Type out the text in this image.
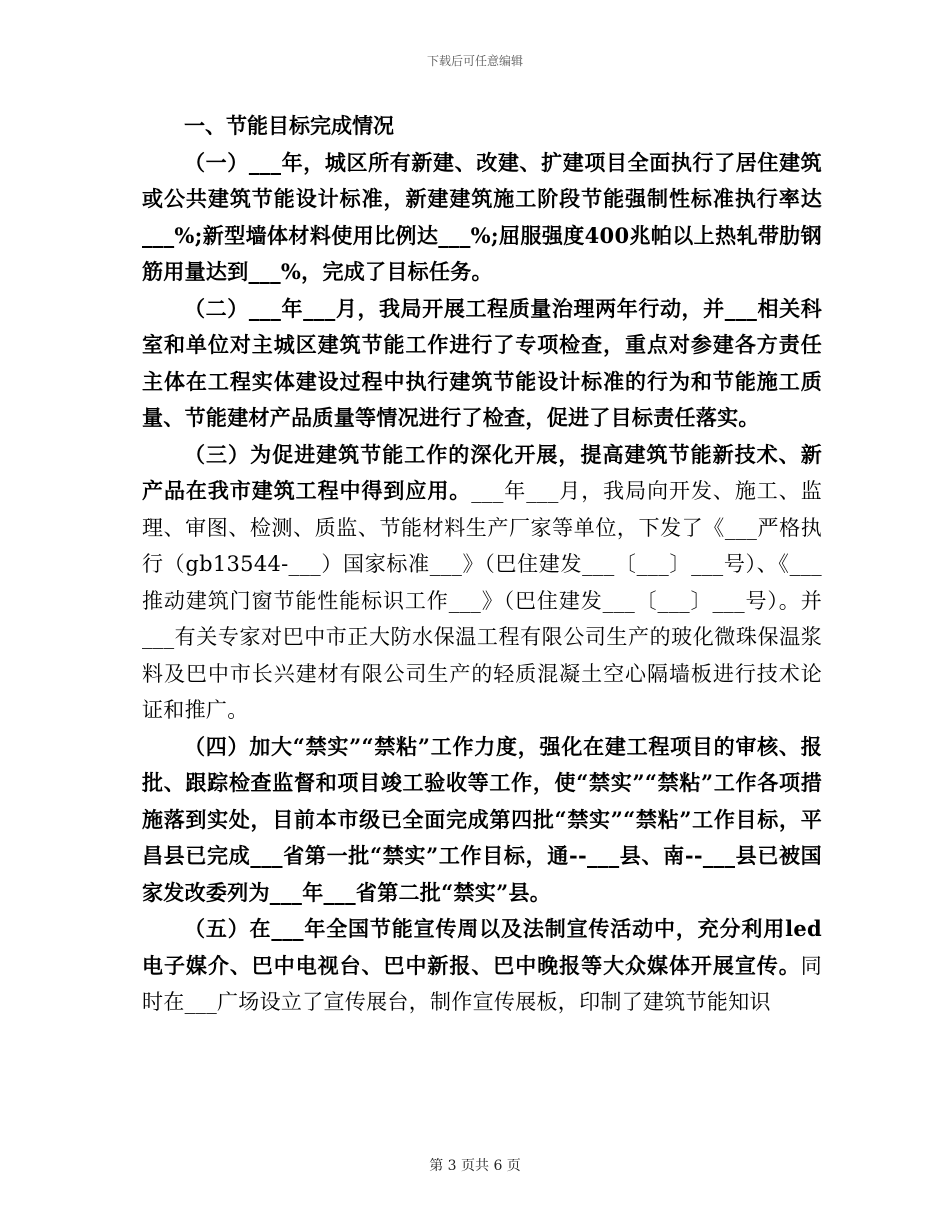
下载后可任意编辑

一、节能目标完成情况

（一）___年，城区所有新建、改建、扩建项目全面执行了居住建筑或公共建筑节能设计标准，新建建筑施工阶段节能强制性标准执行率达___%;新型墙体材料使用比例达___%;屈服强度400兆帕以上热轧带肋钢筋用量达到___%，完成了目标任务。

（二）___年___月，我局开展工程质量治理两年行动，并___相关科室和单位对主城区建筑节能工作进行了专项检查，重点对参建各方责任主体在工程实体建设过程中执行建筑节能设计标准的行为和节能施工质量、节能建材产品质量等情况进行了检查，促进了目标责任落实。

（三）为促进建筑节能工作的深化开展，提高建筑节能新技术、新产品在我市建筑工程中得到应用。___年___月，我局向开发、施工、监理、审图、检测、质监、节能材料生产厂家等单位，下发了《___严格执行（gb13544-___）国家标准___》（巴住建发___〔___〕___号）、《___推动建筑门窗节能性能标识工作___》（巴住建发___〔___〕___号）。并___有关专家对巴中市正大防水保温工程有限公司生产的玻化微珠保温浆料及巴中市长兴建材有限公司生产的轻质混凝土空心隔墙板进行技术论证和推广。

（四）加大“禁实”“禁粘”工作力度，强化在建工程项目的审核、报批、跟踪检查监督和项目竣工验收等工作，使“禁实”“禁粘”工作各项措施落到实处，目前本市级已全面完成第四批“禁实”“禁粘”工作目标，平昌县已完成___省第一批“禁实”工作目标，通--___县、南--___县已被国家发改委列为___年___省第二批“禁实”县。

（五）在___年全国节能宣传周以及法制宣传活动中，充分利用led电子媒介、巴中电视台、巴中新报、巴中晚报等大众媒体开展宣传。同时在___广场设立了宣传展台，制作宣传展板，印制了建筑节能知识

第 3 页共 6 页
